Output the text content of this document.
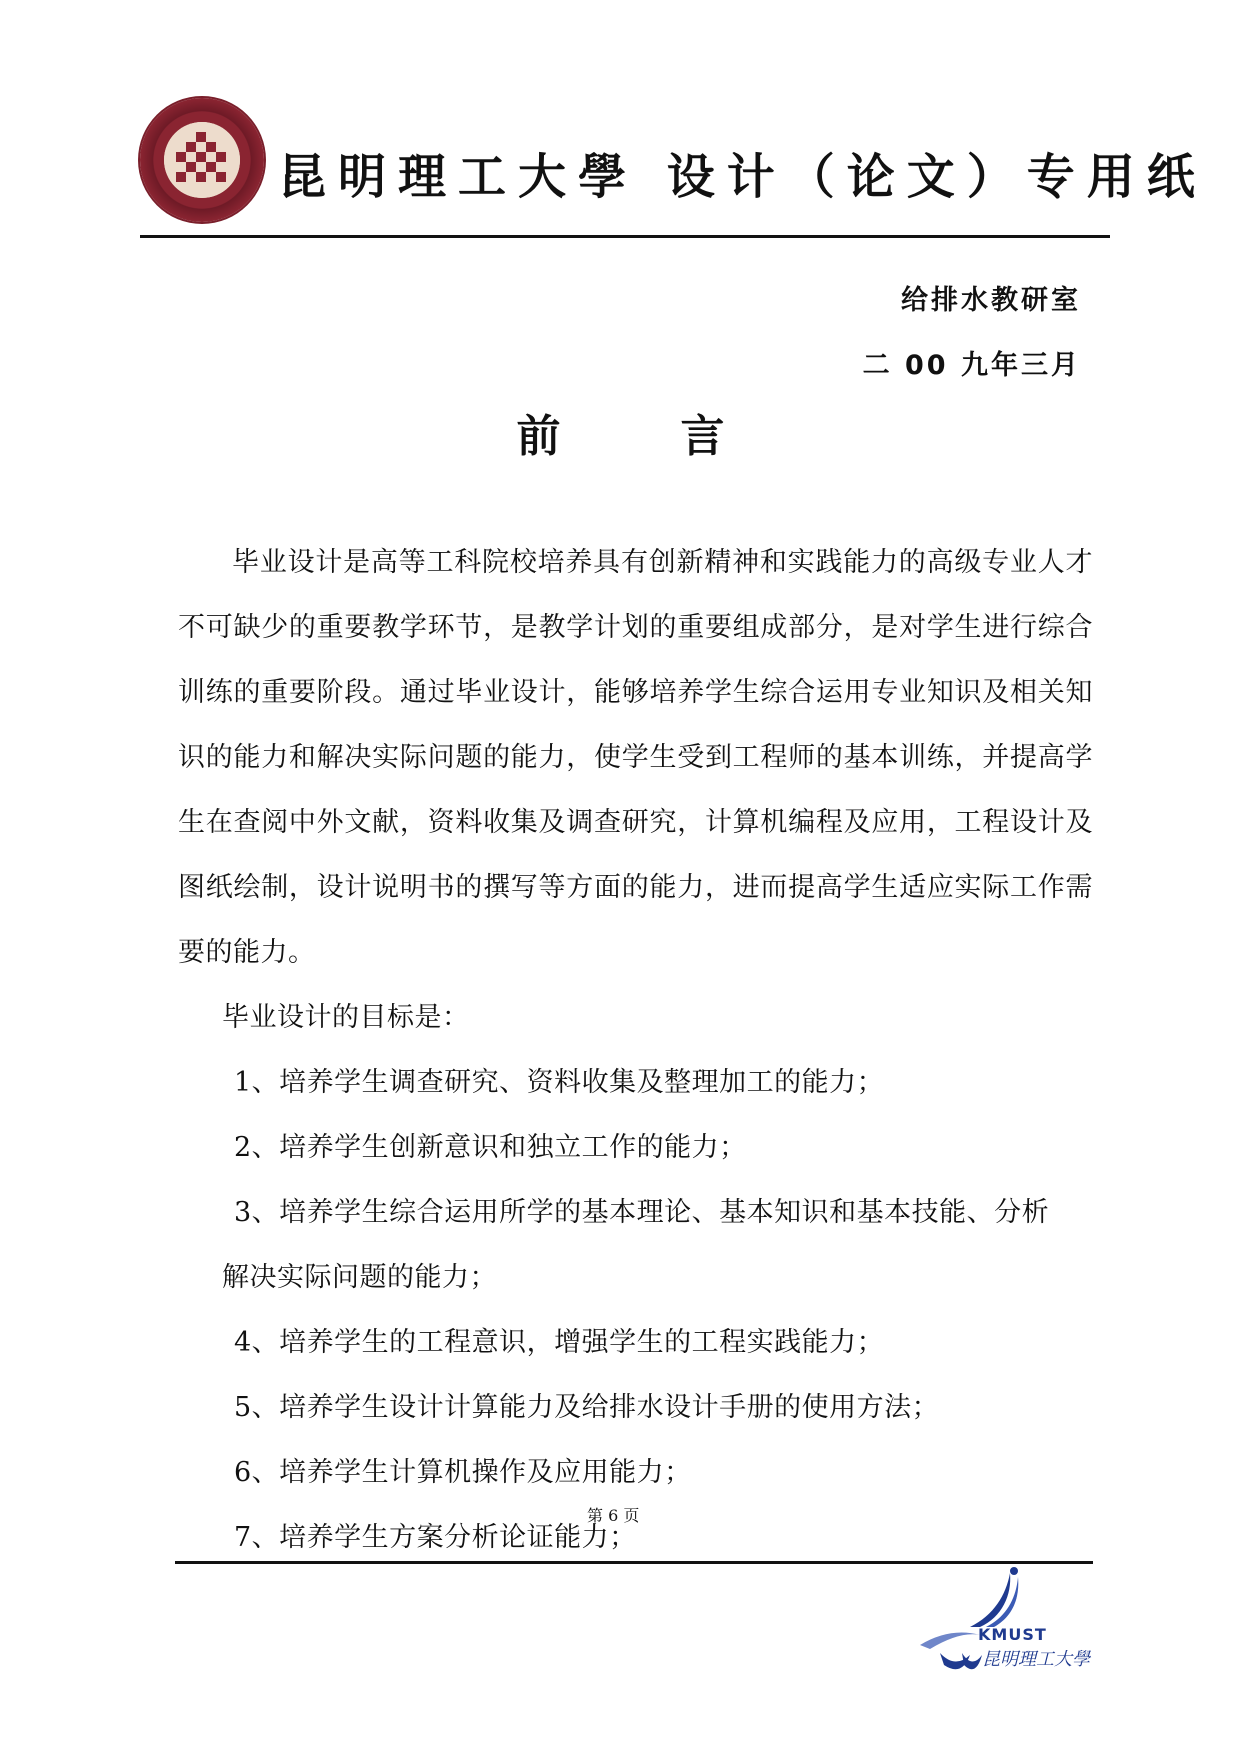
昆明理工大學 设计（论文）专用纸
给排水教研室
二 00 九年三月
前	言

毕业设计是高等工科院校培养具有创新精神和实践能力的高级专业人才不可缺少的重要教学环节，是教学计划的重要组成部分，是对学生进行综合训练的重要阶段。通过毕业设计，能够培养学生综合运用专业知识及相关知识的能力和解决实际问题的能力，使学生受到工程师的基本训练，并提高学生在查阅中外文献，资料收集及调查研究，计算机编程及应用，工程设计及图纸绘制，设计说明书的撰写等方面的能力，进而提高学生适应实际工作需要的能力。

毕业设计的目标是：

1、培养学生调查研究、资料收集及整理加工的能力；

2、培养学生创新意识和独立工作的能力；

3、培养学生综合运用所学的基本理论、基本知识和基本技能、分析

解决实际问题的能力；

4、培养学生的工程意识，增强学生的工程实践能力；

5、培养学生设计计算能力及给排水设计手册的使用方法；

6、培养学生计算机操作及应用能力；

7、培养学生方案分析论证能力；

第 6 页
KMUST
昆明理工大學
